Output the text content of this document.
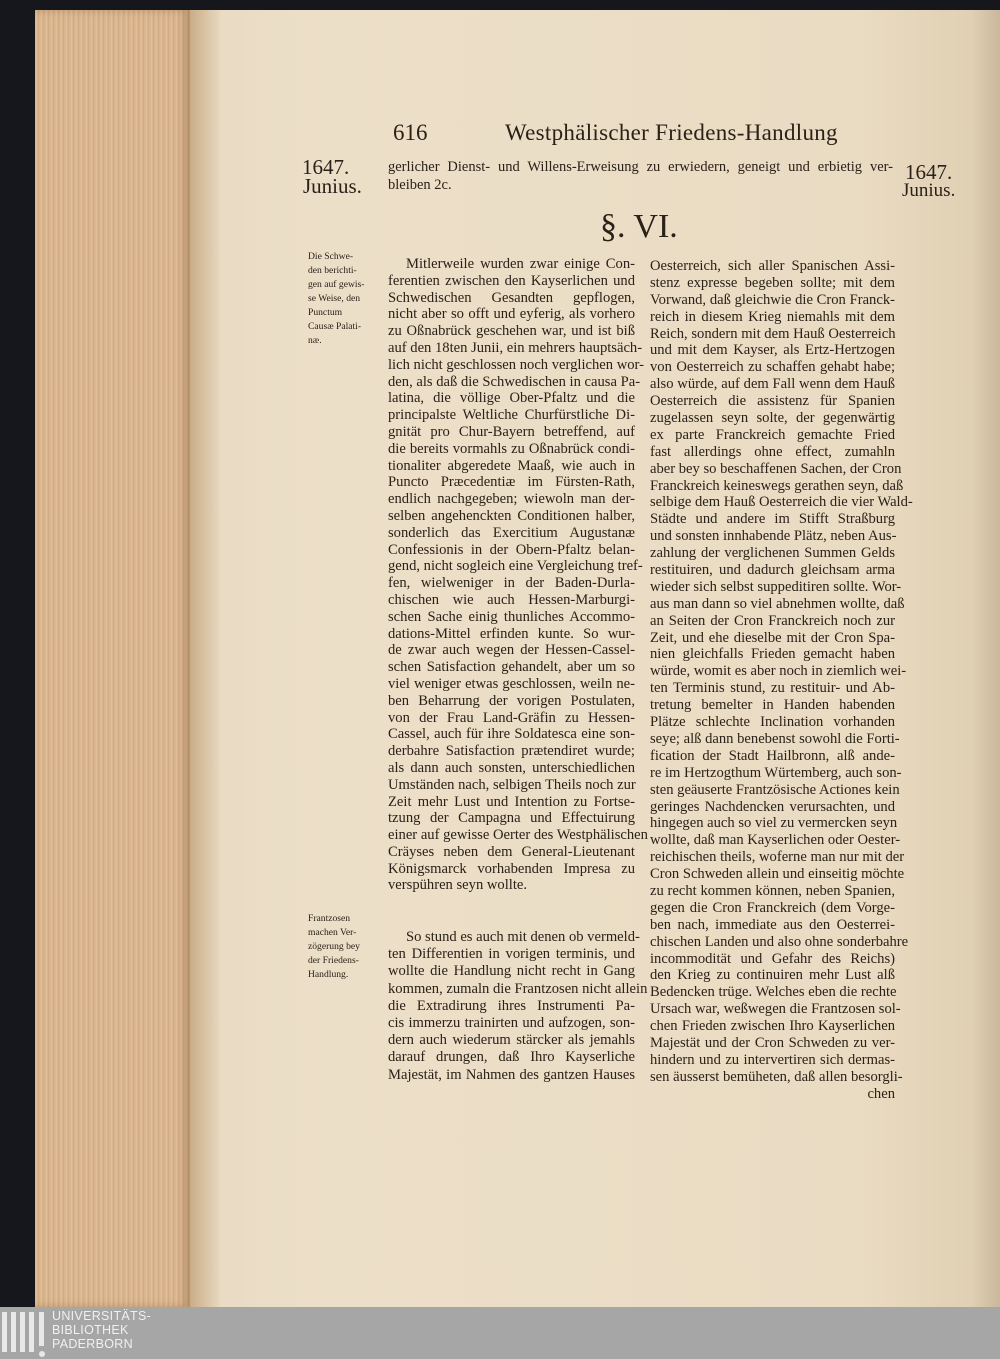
616	Westphälischer Friedens-Handlung
1647.
Junius.
1647.
Junius.
gerlicher Dienst- und Willens-Erweisung zu erwiedern, geneigt und erbietig ver-
bleiben 2c.
§. VI.
Die Schwe-
den berichti-
gen auf gewis-
se Weise, den
Punctum
Causæ Palati-
næ.
Frantzosen
machen Ver-
zögerung bey
der Friedens-
Handlung.
Mitlerweile wurden zwar einige Con-
ferentien zwischen den Kayserlichen und
Schwedischen Gesandten gepflogen,
nicht aber so offt und eyferig, als vorhero
zu Oßnabrück geschehen war, und ist biß
auf den 18ten Junii, ein mehrers hauptsäch-
lich nicht geschlossen noch verglichen wor-
den, als daß die Schwedischen in causa Pa-
latina, die völlige Ober-Pfaltz und die
principalste Weltliche Churfürstliche Di-
gnität pro Chur-Bayern betreffend, auf
die bereits vormahls zu Oßnabrück condi-
tionaliter abgeredete Maaß, wie auch in
Puncto Præcedentiæ im Fürsten-Rath,
endlich nachgegeben; wiewoln man der-
selben angehenckten Conditionen halber,
sonderlich das Exercitium Augustanæ
Confessionis in der Obern-Pfaltz belan-
gend, nicht sogleich eine Vergleichung tref-
fen, wielweniger in der Baden-Durla-
chischen wie auch Hessen-Marburgi-
schen Sache einig thunliches Accommo-
dations-Mittel erfinden kunte. So wur-
de zwar auch wegen der Hessen-Cassel-
schen Satisfaction gehandelt, aber um so
viel weniger etwas geschlossen, weiln ne-
ben Beharrung der vorigen Postulaten,
von der Frau Land-Gräfin zu Hessen-
Cassel, auch für ihre Soldatesca eine son-
derbahre Satisfaction prætendiret wurde;
als dann auch sonsten, unterschiedlichen
Umständen nach, selbigen Theils noch zur
Zeit mehr Lust und Intention zu Fortse-
tzung der Campagna und Effectuirung
einer auf gewisse Oerter des Westphälischen
Cräyses neben dem General-Lieutenant
Königsmarck vorhabenden Impresa zu
verspühren seyn wollte.
So stund es auch mit denen ob vermeld-
ten Differentien in vorigen terminis, und
wollte die Handlung nicht recht in Gang
kommen, zumaln die Frantzosen nicht allein
die Extradirung ihres Instrumenti Pa-
cis immerzu trainirten und aufzogen, son-
dern auch wiederum stärcker als jemahls
darauf drungen, daß Ihro Kayserliche
Majestät, im Nahmen des gantzen Hauses
Oesterreich, sich aller Spanischen Assi-
stenz expresse begeben sollte; mit dem
Vorwand, daß gleichwie die Cron Franck-
reich in diesem Krieg niemahls mit dem
Reich, sondern mit dem Hauß Oesterreich
und mit dem Kayser, als Ertz-Hertzogen
von Oesterreich zu schaffen gehabt habe;
also würde, auf dem Fall wenn dem Hauß
Oesterreich die assistenz für Spanien
zugelassen seyn solte, der gegenwärtig
ex parte Franckreich gemachte Fried
fast allerdings ohne effect, zumahln
aber bey so beschaffenen Sachen, der Cron
Franckreich keineswegs gerathen seyn, daß
selbige dem Hauß Oesterreich die vier Wald-
Städte und andere im Stifft Straßburg
und sonsten innhabende Plätz, neben Aus-
zahlung der verglichenen Summen Gelds
restituiren, und dadurch gleichsam arma
wieder sich selbst suppeditiren sollte. Wor-
aus man dann so viel abnehmen wollte, daß
an Seiten der Cron Franckreich noch zur
Zeit, und ehe dieselbe mit der Cron Spa-
nien gleichfalls Frieden gemacht haben
würde, womit es aber noch in ziemlich wei-
ten Terminis stund, zu restituir- und Ab-
tretung bemelter in Handen habenden
Plätze schlechte Inclination vorhanden
seye; alß dann benebenst sowohl die Forti-
fication der Stadt Hailbronn, alß ande-
re im Hertzogthum Würtemberg, auch son-
sten geäuserte Frantzösische Actiones kein
geringes Nachdencken verursachten, und
hingegen auch so viel zu vermercken seyn
wollte, daß man Kayserlichen oder Oester-
reichischen theils, woferne man nur mit der
Cron Schweden allein und einseitig möchte
zu recht kommen können, neben Spanien,
gegen die Cron Franckreich (dem Vorge-
ben nach, immediate aus den Oesterrei-
chischen Landen und also ohne sonderbahre
incommodität und Gefahr des Reichs)
den Krieg zu continuiren mehr Lust alß
Bedencken trüge. Welches eben die rechte
Ursach war, weßwegen die Frantzosen sol-
chen Frieden zwischen Ihro Kayserlichen
Majestät und der Cron Schweden zu ver-
hindern und zu intervertiren sich dermas-
sen äusserst bemüheten, daß allen besorgli-
chen
UNIVERSITÄTS-
BIBLIOTHEK
PADERBORN
